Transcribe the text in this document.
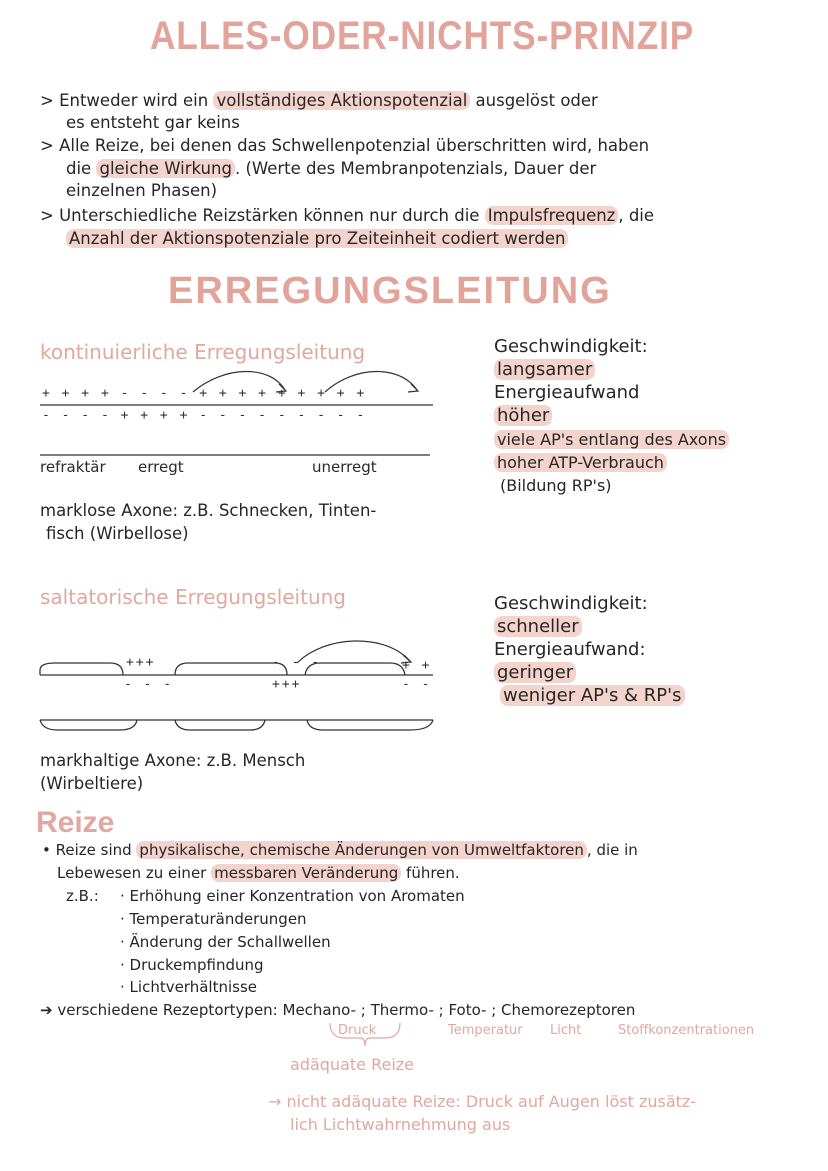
ALLES-ODER-NICHTS-PRINZIP
> Entweder wird ein vollständiges Aktionspotenzial ausgelöst oder
es entsteht gar keins
> Alle Reize, bei denen das Schwellenpotenzial überschritten wird, haben
die gleiche Wirkung . (Werte des Membranpotenzials, Dauer der
einzelnen Phasen)
> Unterschiedliche Reizstärken können nur durch die Impulsfrequenz , die
Anzahl der Aktionspotenziale pro Zeiteinheit codiert werden
ERREGUNGSLEITUNG
kontinuierliche Erregungsleitung
+ + + + - - - - + + + + + + + + +
- - - - + + + + - - - - - - - - -
refraktär erregt	unerregt
marklose Axone: z.B. Schnecken, Tinten-
fisch (Wirbellose)
Geschwindigkeit:
langsamer
Energieaufwand
höher
viele AP's entlang des Axons
hoher ATP-Verbrauch
(Bildung RP's)
saltatorische Erregungsleitung
+++
- - -
- - -
+++
+ +
- -
markhaltige Axone: z.B. Mensch
(Wirbeltiere)
Geschwindigkeit:
schneller
Energieaufwand:
geringer
weniger AP's & RP's
Reize
• Reize sind physikalische, chemische Änderungen von Umweltfaktoren , die in
Lebewesen zu einer messbaren Veränderung führen.
z.B.: · Erhöhung einer Konzentration von Aromaten
· Temperaturänderungen
· Änderung der Schallwellen
· Druckempfindung
· Lichtverhältnisse
➔ verschiedene Rezeptortypen: Mechano- ; Thermo- ; Foto- ; Chemorezeptoren
Druck	Temperatur Licht	Stoffkonzentrationen
adäquate Reize
→ nicht adäquate Reize: Druck auf Augen löst zusätz-
lich Lichtwahrnehmung aus
